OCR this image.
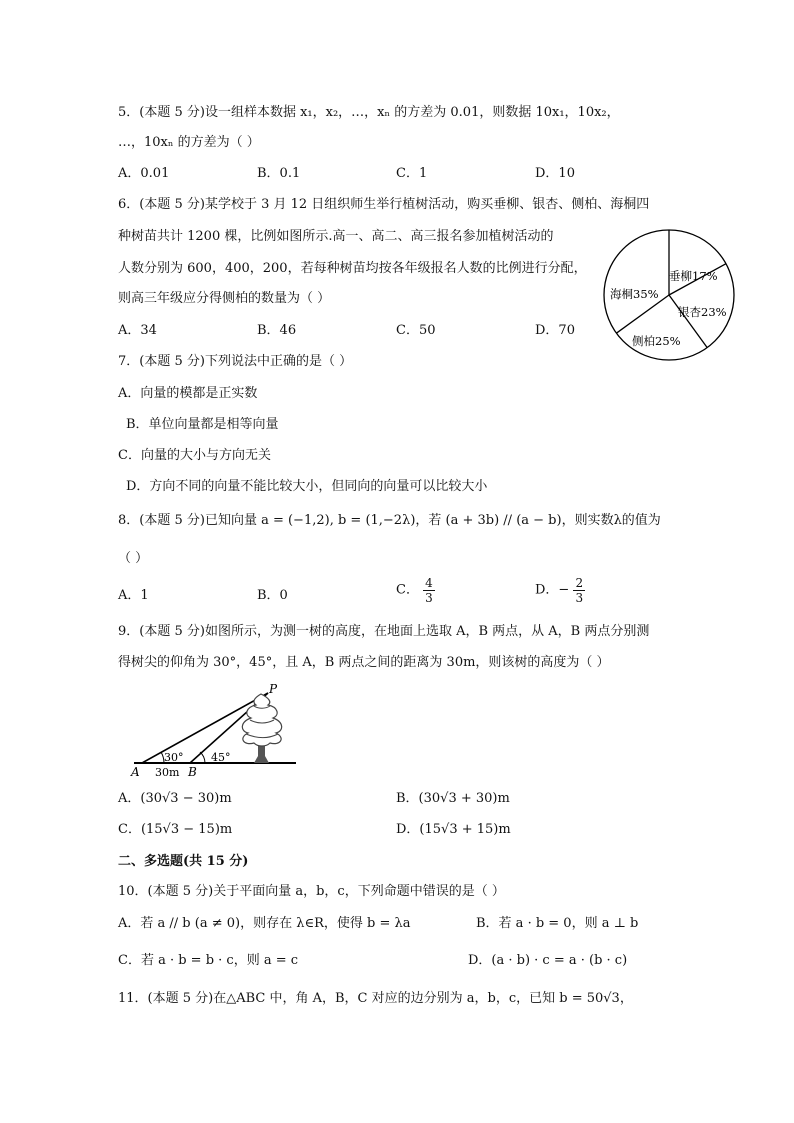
5．(本题 5 分)设一组样本数据 x₁，x₂，…，xₙ 的方差为 0.01，则数据 10x₁，10x₂，
…，10xₙ 的方差为（ ）
A．0.01	B．0.1	C．1	D．10
6．(本题 5 分)某学校于 3 月 12 日组织师生举行植树活动，购买垂柳、银杏、侧柏、海桐四
种树苗共计 1200 棵，比例如图所示.高一、高二、高三报名参加植树活动的
人数分别为 600，400，200，若每种树苗均按各年级报名人数的比例进行分配，
则高三年级应分得侧柏的数量为（ ）
A．34	B．46	C．50	D．70
垂柳17%
银杏23%
侧柏25%
海桐35%
7．(本题 5 分)下列说法中正确的是（ ）
A．向量的模都是正实数
B．单位向量都是相等向量
C．向量的大小与方向无关
D．方向不同的向量不能比较大小，但同向的向量可以比较大小
8．(本题 5 分)已知向量 a = (−1,2), b = (1,−2λ)，若 (a + 3b) // (a − b)，则实数λ的值为
（ ）
A．1	B．0	C． $\frac{4}{3}$	D．− $\frac{2}{3}$
9．(本题 5 分)如图所示，为测一树的高度，在地面上选取 A，B 两点，从 A，B 两点分别测
得树尖的仰角为 30°，45°，且 A，B 两点之间的距离为 30m，则该树的高度为（ ）
P
A	B
30°	45°
30m
A．(30√3 − 30)m	B．(30√3 + 30)m
C．(15√3 − 15)m	D．(15√3 + 15)m
二、多选题(共 15 分)
10．(本题 5 分)关于平面向量 a，b，c，下列命题中错误的是（ ）
A．若 a // b (a ≠ 0)，则存在 λ∈R，使得 b = λa	B．若 a · b = 0，则 a ⊥ b
C．若 a · b = b · c，则 a = c	D．(a · b) · c = a · (b · c)
11．(本题 5 分)在△ABC 中，角 A，B，C 对应的边分别为 a，b，c，已知 b = 50√3，
